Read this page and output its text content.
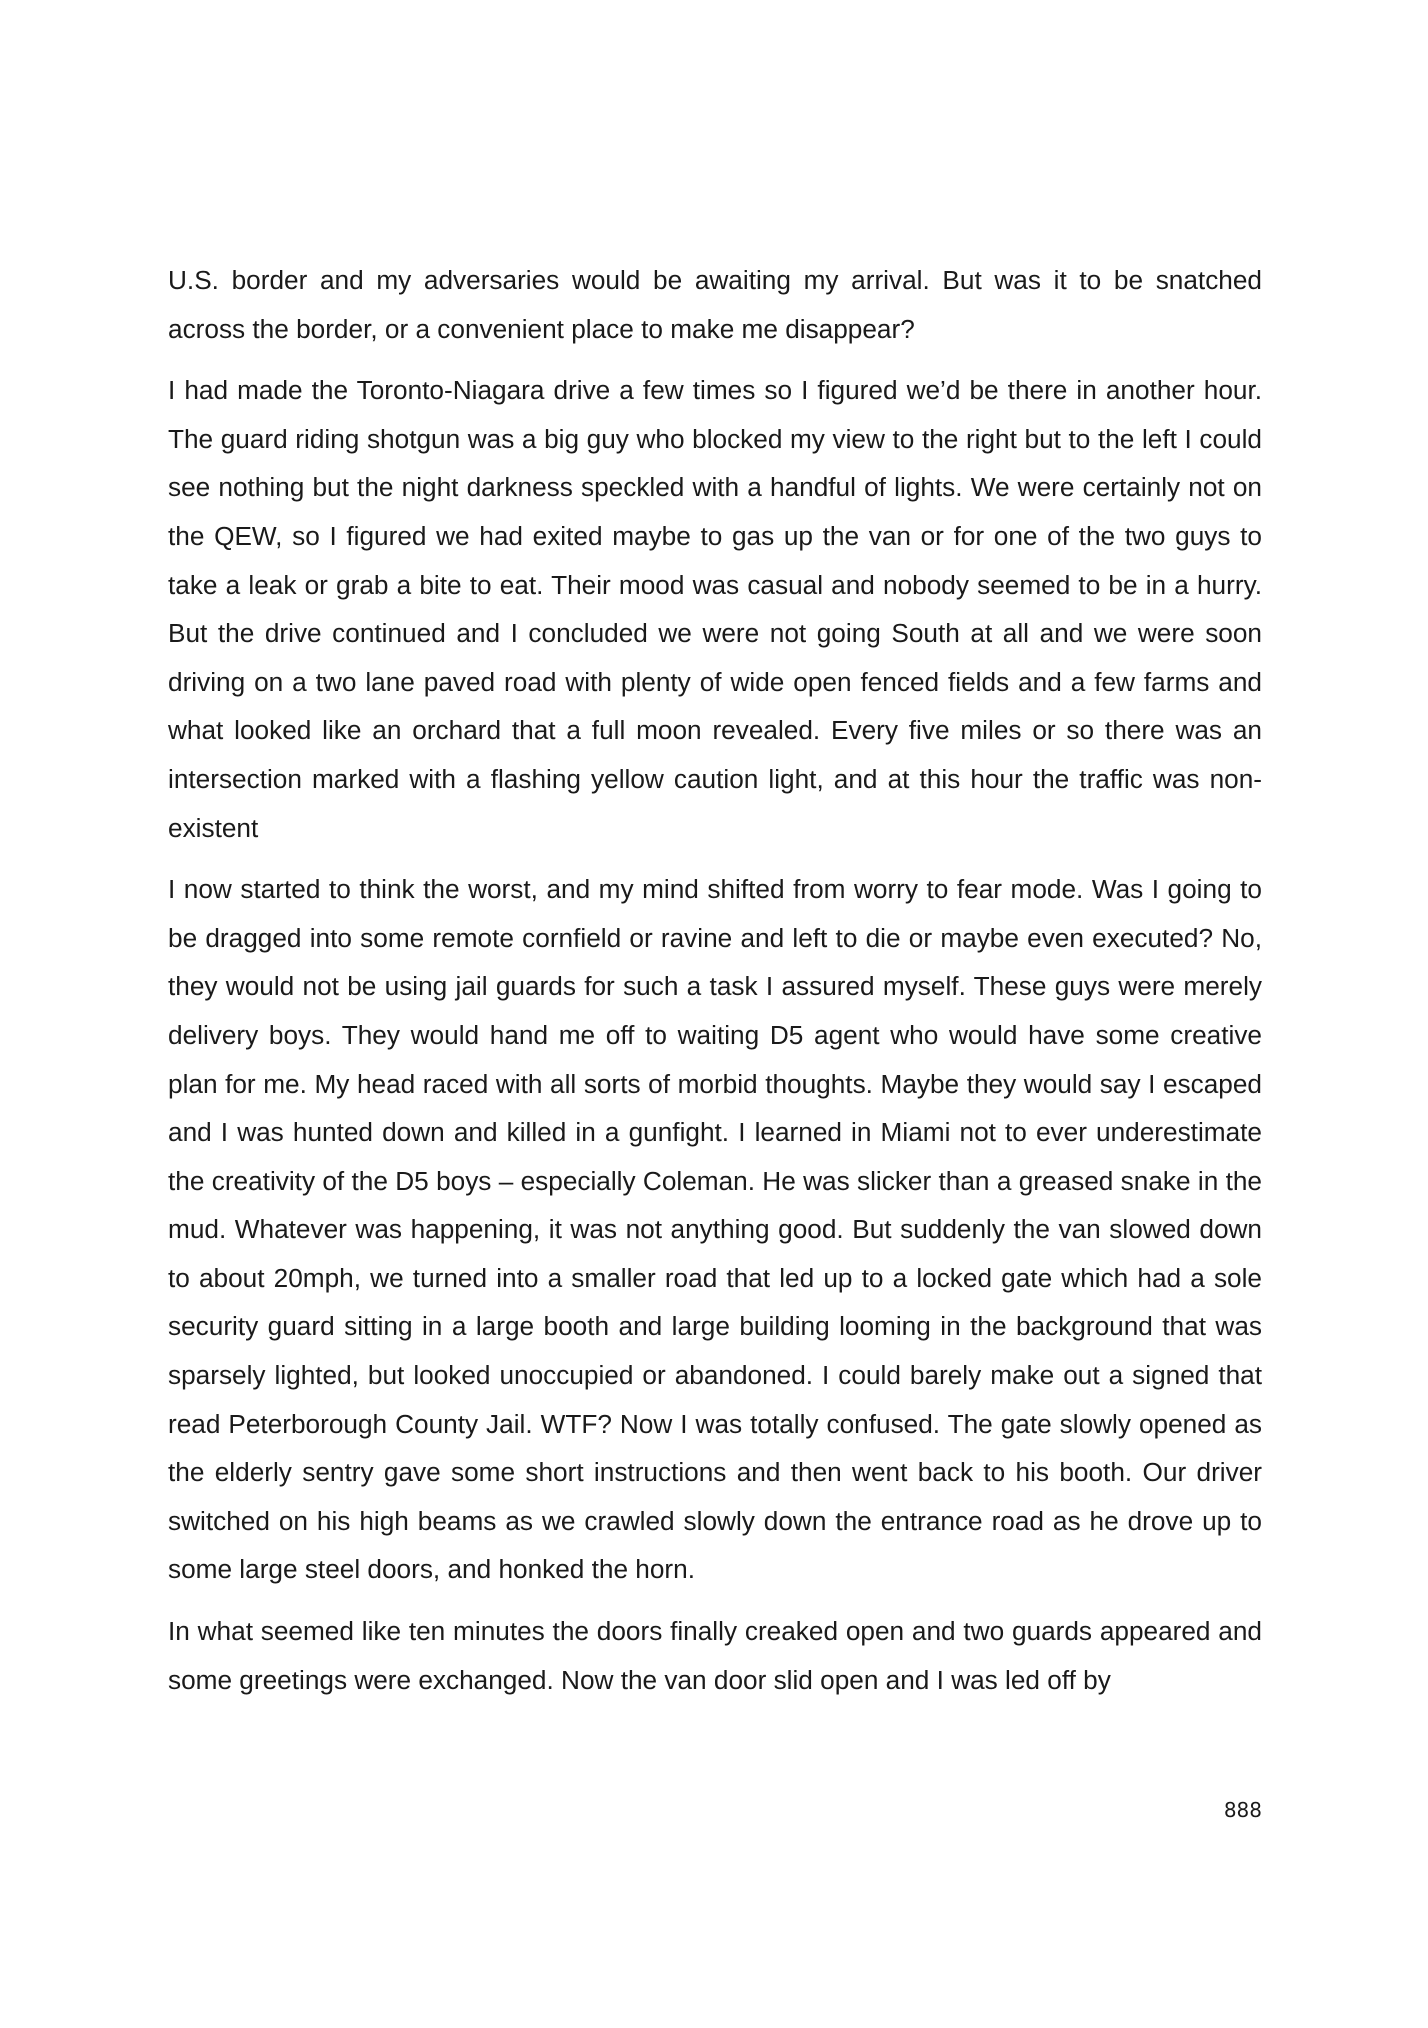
U.S. border and my adversaries would be awaiting my arrival. But was it to be snatched across the border, or a convenient place to make me disappear?

I had made the Toronto-Niagara drive a few times so I figured we’d be there in another hour. The guard riding shotgun was a big guy who blocked my view to the right but to the left I could see nothing but the night darkness speckled with a handful of lights. We were certainly not on the QEW, so I figured we had exited maybe to gas up the van or for one of the two guys to take a leak or grab a bite to eat. Their mood was casual and nobody seemed to be in a hurry. But the drive continued and I concluded we were not going South at all and we were soon driving on a two lane paved road with plenty of wide open fenced fields and a few farms and what looked like an orchard that a full moon revealed. Every five miles or so there was an intersection marked with a flashing yellow caution light, and at this hour the traffic was non-existent

I now started to think the worst, and my mind shifted from worry to fear mode. Was I going to be dragged into some remote cornfield or ravine and left to die or maybe even executed? No, they would not be using jail guards for such a task I assured myself. These guys were merely delivery boys. They would hand me off to waiting D5 agent who would have some creative plan for me. My head raced with all sorts of morbid thoughts. Maybe they would say I escaped and I was hunted down and killed in a gunfight. I learned in Miami not to ever underestimate the creativity of the D5 boys – especially Coleman. He was slicker than a greased snake in the mud. Whatever was happening, it was not anything good. But suddenly the van slowed down to about 20mph, we turned into a smaller road that led up to a locked gate which had a sole security guard sitting in a large booth and large building looming in the background that was sparsely lighted, but looked unoccupied or abandoned. I could barely make out a signed that read Peterborough County Jail. WTF? Now I was totally confused. The gate slowly opened as the elderly sentry gave some short instructions and then went back to his booth. Our driver switched on his high beams as we crawled slowly down the entrance road as he drove up to some large steel doors, and honked the horn.

In what seemed like ten minutes the doors finally creaked open and two guards appeared and some greetings were exchanged. Now the van door slid open and I was led off by

888
